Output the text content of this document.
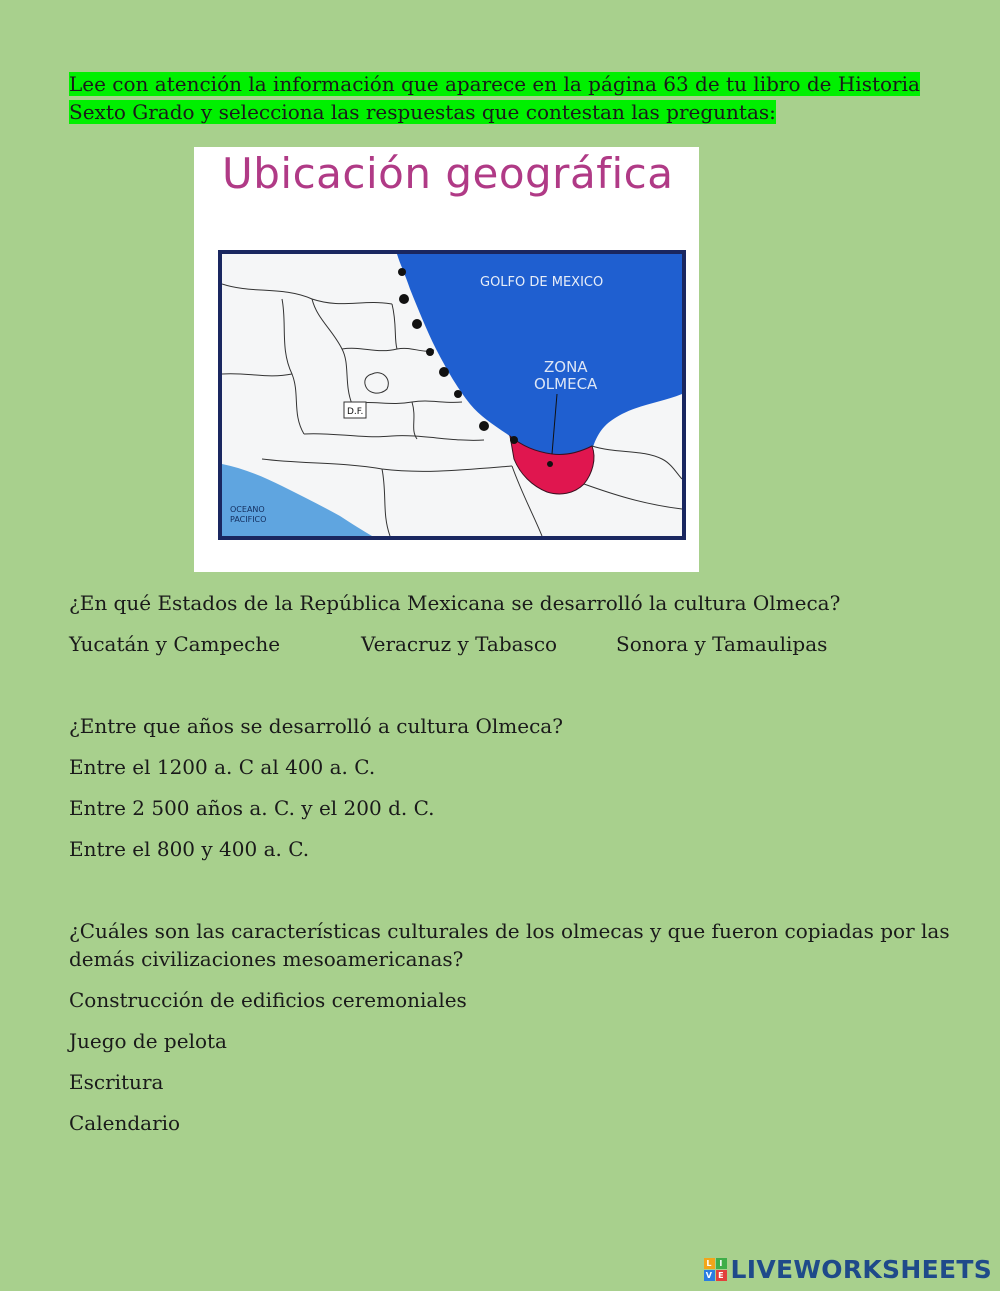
Lee con atención la información que aparece en la página 63 de tu libro de Historia
Sexto Grado y selecciona las respuestas que contestan las preguntas:
Ubicación geográfica
D.F.
GOLFO DE MEXICO
ZONA
OLMECA
OCEANO
PACIFICO
¿En qué Estados de la República Mexicana se desarrolló la cultura Olmeca?
Yucatán y Campeche	Veracruz y Tabasco	Sonora y Tamaulipas
¿Entre que años se desarrolló a cultura Olmeca?
Entre el 1200 a. C al 400 a. C.
Entre 2 500 años a. C. y el 200 d. C.
Entre el 800 y 400 a. C.
¿Cuáles son las características culturales de los olmecas y que fueron copiadas por las
demás civilizaciones mesoamericanas?
Construcción de edificios ceremoniales
Juego de pelota
Escritura
Calendario
L I
V E LIVEWORKSHEETS
